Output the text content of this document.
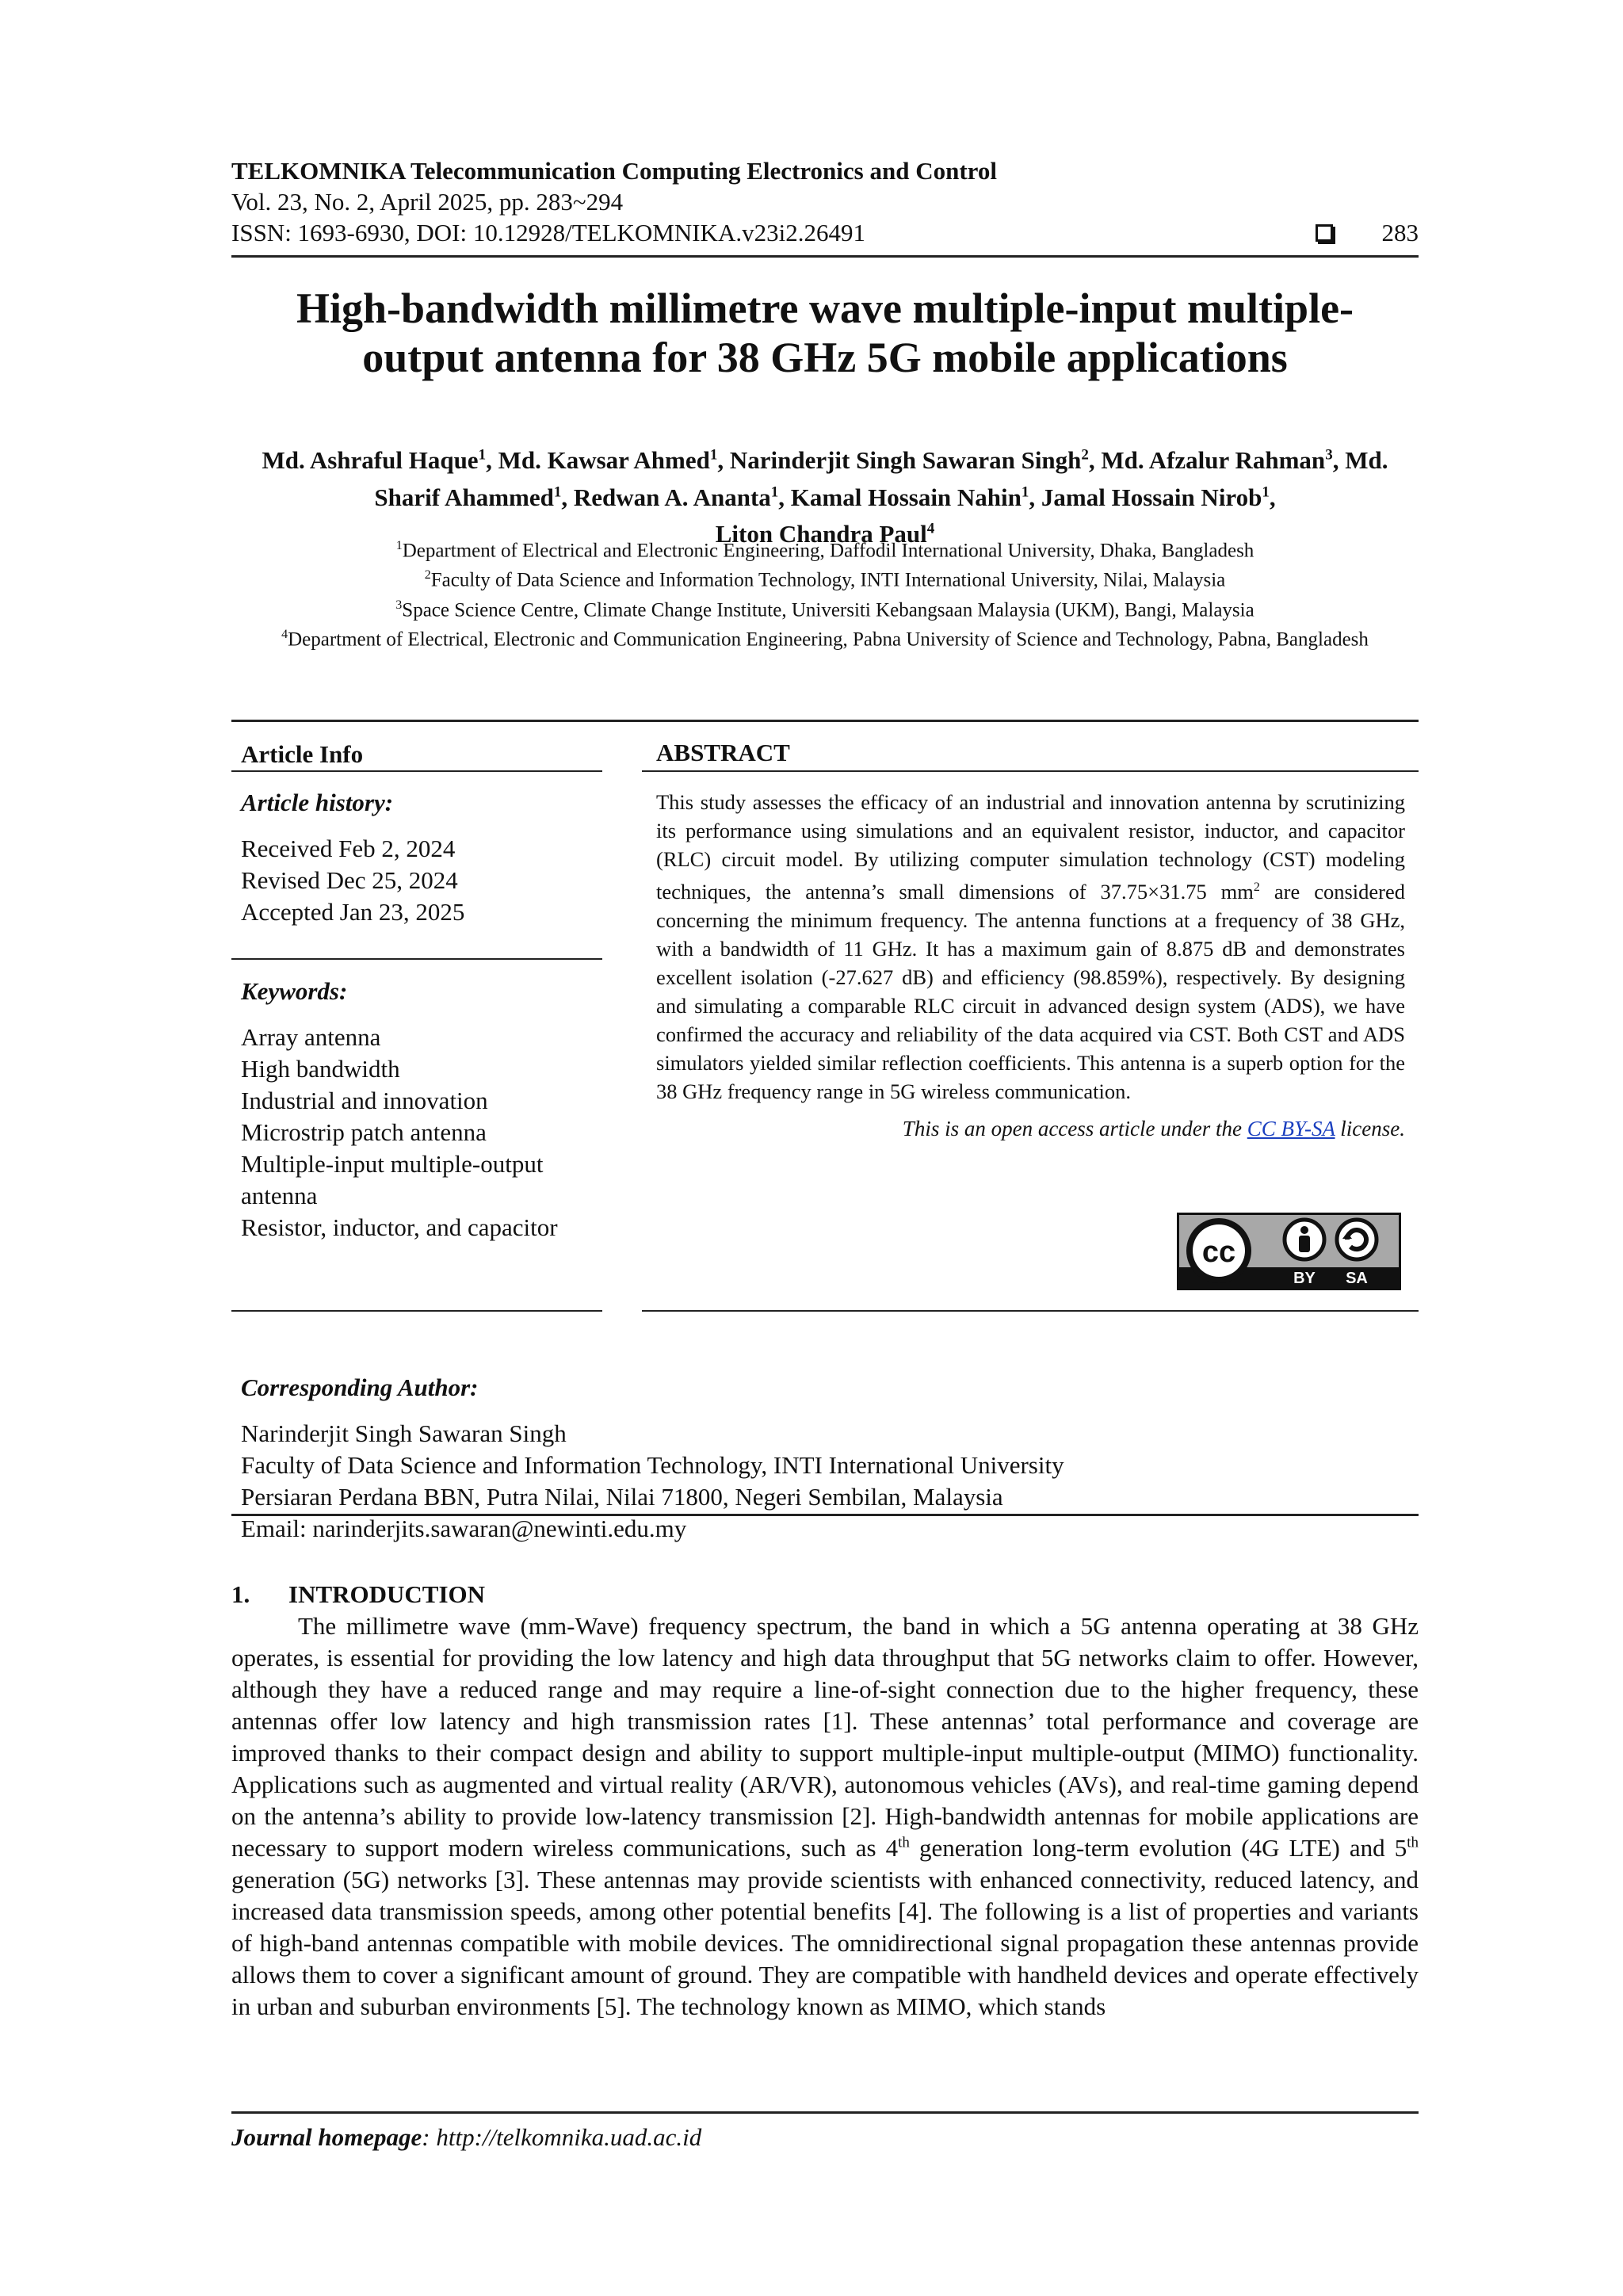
TELKOMNIKA Telecommunication Computing Electronics and Control
Vol. 23, No. 2, April 2025, pp. 283~294
ISSN: 1693-6930, DOI: 10.12928/TELKOMNIKA.v23i2.26491	283
High-bandwidth millimetre wave multiple-input multiple-
output antenna for 38 GHz 5G mobile applications
Md. Ashraful Haque$^1$, Md. Kawsar Ahmed$^1$, Narinderjit Singh Sawaran Singh$^2$, Md. Afzalur Rahman$^3$, Md. Sharif Ahammed$^1$, Redwan A. Ananta$^1$, Kamal Hossain Nahin$^1$, Jamal Hossain Nirob$^1$,
Liton Chandra Paul$^4$
$^1$Department of Electrical and Electronic Engineering, Daffodil International University, Dhaka, Bangladesh
$^2$Faculty of Data Science and Information Technology, INTI International University, Nilai, Malaysia
$^3$Space Science Centre, Climate Change Institute, Universiti Kebangsaan Malaysia (UKM), Bangi, Malaysia
$^4$Department of Electrical, Electronic and Communication Engineering, Pabna University of Science and Technology, Pabna, Bangladesh
Article Info
Article history:
Received Feb 2, 2024
Revised Dec 25, 2024
Accepted Jan 23, 2025
Keywords:
Array antenna
High bandwidth
Industrial and innovation
Microstrip patch antenna
Multiple-input multiple-output antenna
Resistor, inductor, and capacitor
ABSTRACT

This study assesses the efficacy of an industrial and innovation antenna by scrutinizing its performance using simulations and an equivalent resistor, inductor, and capacitor (RLC) circuit model. By utilizing computer simulation technology (CST) modeling techniques, the antenna’s small dimensions of 37.75×31.75 $mm^2$ are considered concerning the minimum frequency. The antenna functions at a frequency of 38 GHz, with a bandwidth of 11 GHz. It has a maximum gain of 8.875 dB and demonstrates excellent isolation (-27.627 dB) and efficiency (98.859%), respectively. By designing and simulating a comparable RLC circuit in advanced design system (ADS), we have confirmed the accuracy and reliability of the data acquired via CST. Both CST and ADS simulators yielded similar reflection coefficients. This antenna is a superb option for the 38 GHz frequency range in 5G wireless communication.

This is an open access article under the CC BY-SA license.

cc
BY SA
Corresponding Author:
Narinderjit Singh Sawaran Singh
Faculty of Data Science and Information Technology, INTI International University
Persiaran Perdana BBN, Putra Nilai, Nilai 71800, Negeri Sembilan, Malaysia
Email: narinderjits.sawaran@newinti.edu.my
1. INTRODUCTION

The millimetre wave (mm-Wave) frequency spectrum, the band in which a 5G antenna operating at 38 GHz operates, is essential for providing the low latency and high data throughput that 5G networks claim to offer. However, although they have a reduced range and may require a line-of-sight connection due to the higher frequency, these antennas offer low latency and high transmission rates [1]. These antennas’ total performance and coverage are improved thanks to their compact design and ability to support multiple-input multiple-output (MIMO) functionality. Applications such as augmented and virtual reality (AR/VR), autonomous vehicles (AVs), and real-time gaming depend on the antenna’s ability to provide low-latency transmission [2]. High-bandwidth antennas for mobile applications are necessary to support modern wireless communications, such as 4th generation long-term evolution (4G LTE) and 5th generation (5G) networks [3]. These antennas may provide scientists with enhanced connectivity, reduced latency, and increased data transmission speeds, among other potential benefits [4]. The following is a list of properties and variants of high-band antennas compatible with mobile devices. The omnidirectional signal propagation these antennas provide allows them to cover a significant amount of ground. They are compatible with handheld devices and operate effectively in urban and suburban environments [5]. The technology known as MIMO, which stands

Journal homepage: http://telkomnika.uad.ac.id
